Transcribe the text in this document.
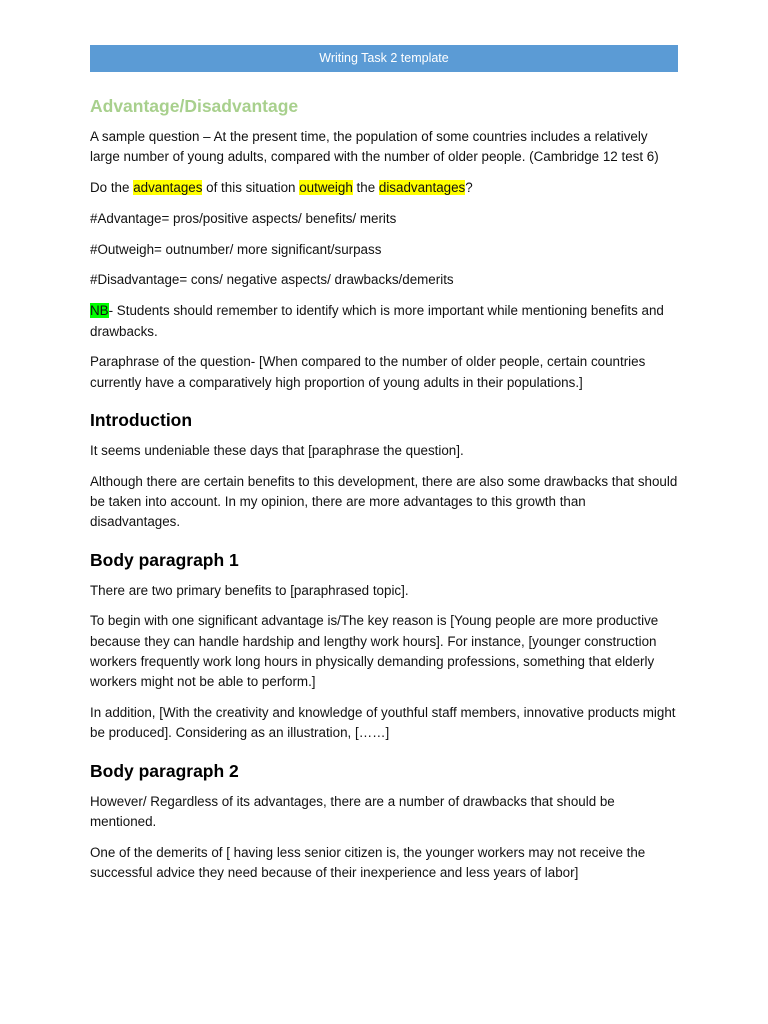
Writing Task 2 template
Advantage/Disadvantage

A sample question – At the present time, the population of some countries includes a relatively large number of young adults, compared with the number of older people. (Cambridge 12 test 6)

Do the advantages of this situation outweigh the disadvantages?

#Advantage= pros/positive aspects/ benefits/ merits

#Outweigh= outnumber/ more significant/surpass

#Disadvantage= cons/ negative aspects/ drawbacks/demerits

NB- Students should remember to identify which is more important while mentioning benefits and drawbacks.

Paraphrase of the question- [When compared to the number of older people, certain countries currently have a comparatively high proportion of young adults in their populations.]

Introduction

It seems undeniable these days that [paraphrase the question].

Although there are certain benefits to this development, there are also some drawbacks that should be taken into account. In my opinion, there are more advantages to this growth than disadvantages.

Body paragraph 1

There are two primary benefits to [paraphrased topic].

To begin with one significant advantage is/The key reason is [Young people are more productive because they can handle hardship and lengthy work hours]. For instance, [younger construction workers frequently work long hours in physically demanding professions, something that elderly workers might not be able to perform.]

In addition, [With the creativity and knowledge of youthful staff members, innovative products might be produced]. Considering as an illustration, [……]

Body paragraph 2

However/ Regardless of its advantages, there are a number of drawbacks that should be mentioned.

One of the demerits of [ having less senior citizen is, the younger workers may not receive the successful advice they need because of their inexperience and less years of labor]
